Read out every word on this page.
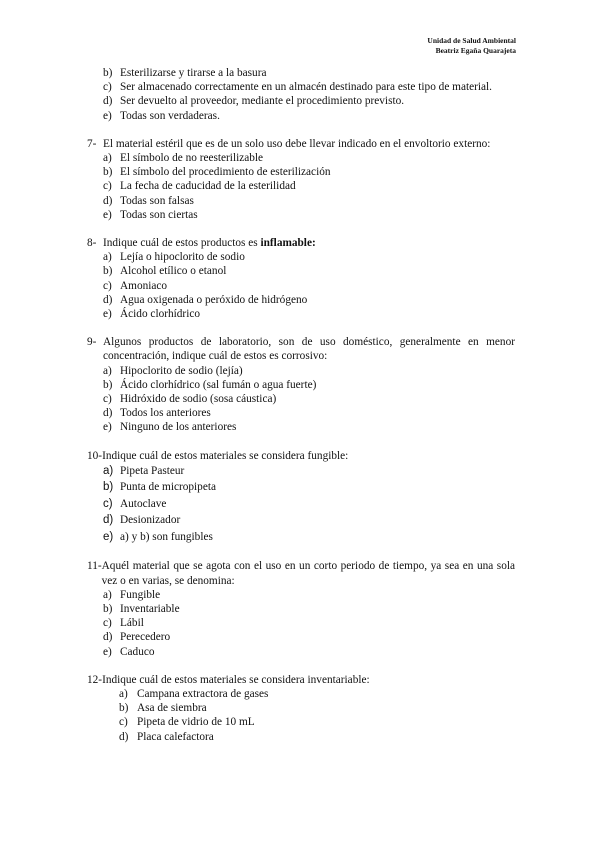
Unidad de Salud Ambiental
Beatriz Egaña Quarajeta
b) Esterilizarse y tirarse a la basura
c) Ser almacenado correctamente en un almacén destinado para este tipo de material.
d) Ser devuelto al proveedor, mediante el procedimiento previsto.
e) Todas son verdaderas.
7- El material estéril que es de un solo uso debe llevar indicado en el envoltorio externo:
a) El símbolo de no reesterilizable
b) El símbolo del procedimiento de esterilización
c) La fecha de caducidad de la esterilidad
d) Todas son falsas
e) Todas son ciertas
8- Indique cuál de estos productos es inflamable:
a) Lejía o hipoclorito de sodio
b) Alcohol etílico o etanol
c) Amoniaco
d) Agua oxigenada o peróxido de hidrógeno
e) Ácido clorhídrico
9- Algunos productos de laboratorio, son de uso doméstico, generalmente en menor concentración, indique cuál de estos es corrosivo:
a) Hipoclorito de sodio (lejía)
b) Ácido clorhídrico (sal fumán o agua fuerte)
c) Hidróxido de sodio (sosa cáustica)
d) Todos los anteriores
e) Ninguno de los anteriores
10- Indique cuál de estos materiales se considera fungible:
a) Pipeta Pasteur
b) Punta de micropipeta
c) Autoclave
d) Desionizador
e) a) y b) son fungibles
11- Aquél material que se agota con el uso en un corto periodo de tiempo, ya sea en una sola vez o en varias, se denomina:
a) Fungible
b) Inventariable
c) Lábil
d) Perecedero
e) Caduco
12- Indique cuál de estos materiales se considera inventariable:
a) Campana extractora de gases
b) Asa de siembra
c) Pipeta de vidrio de 10 mL
d) Placa calefactora
